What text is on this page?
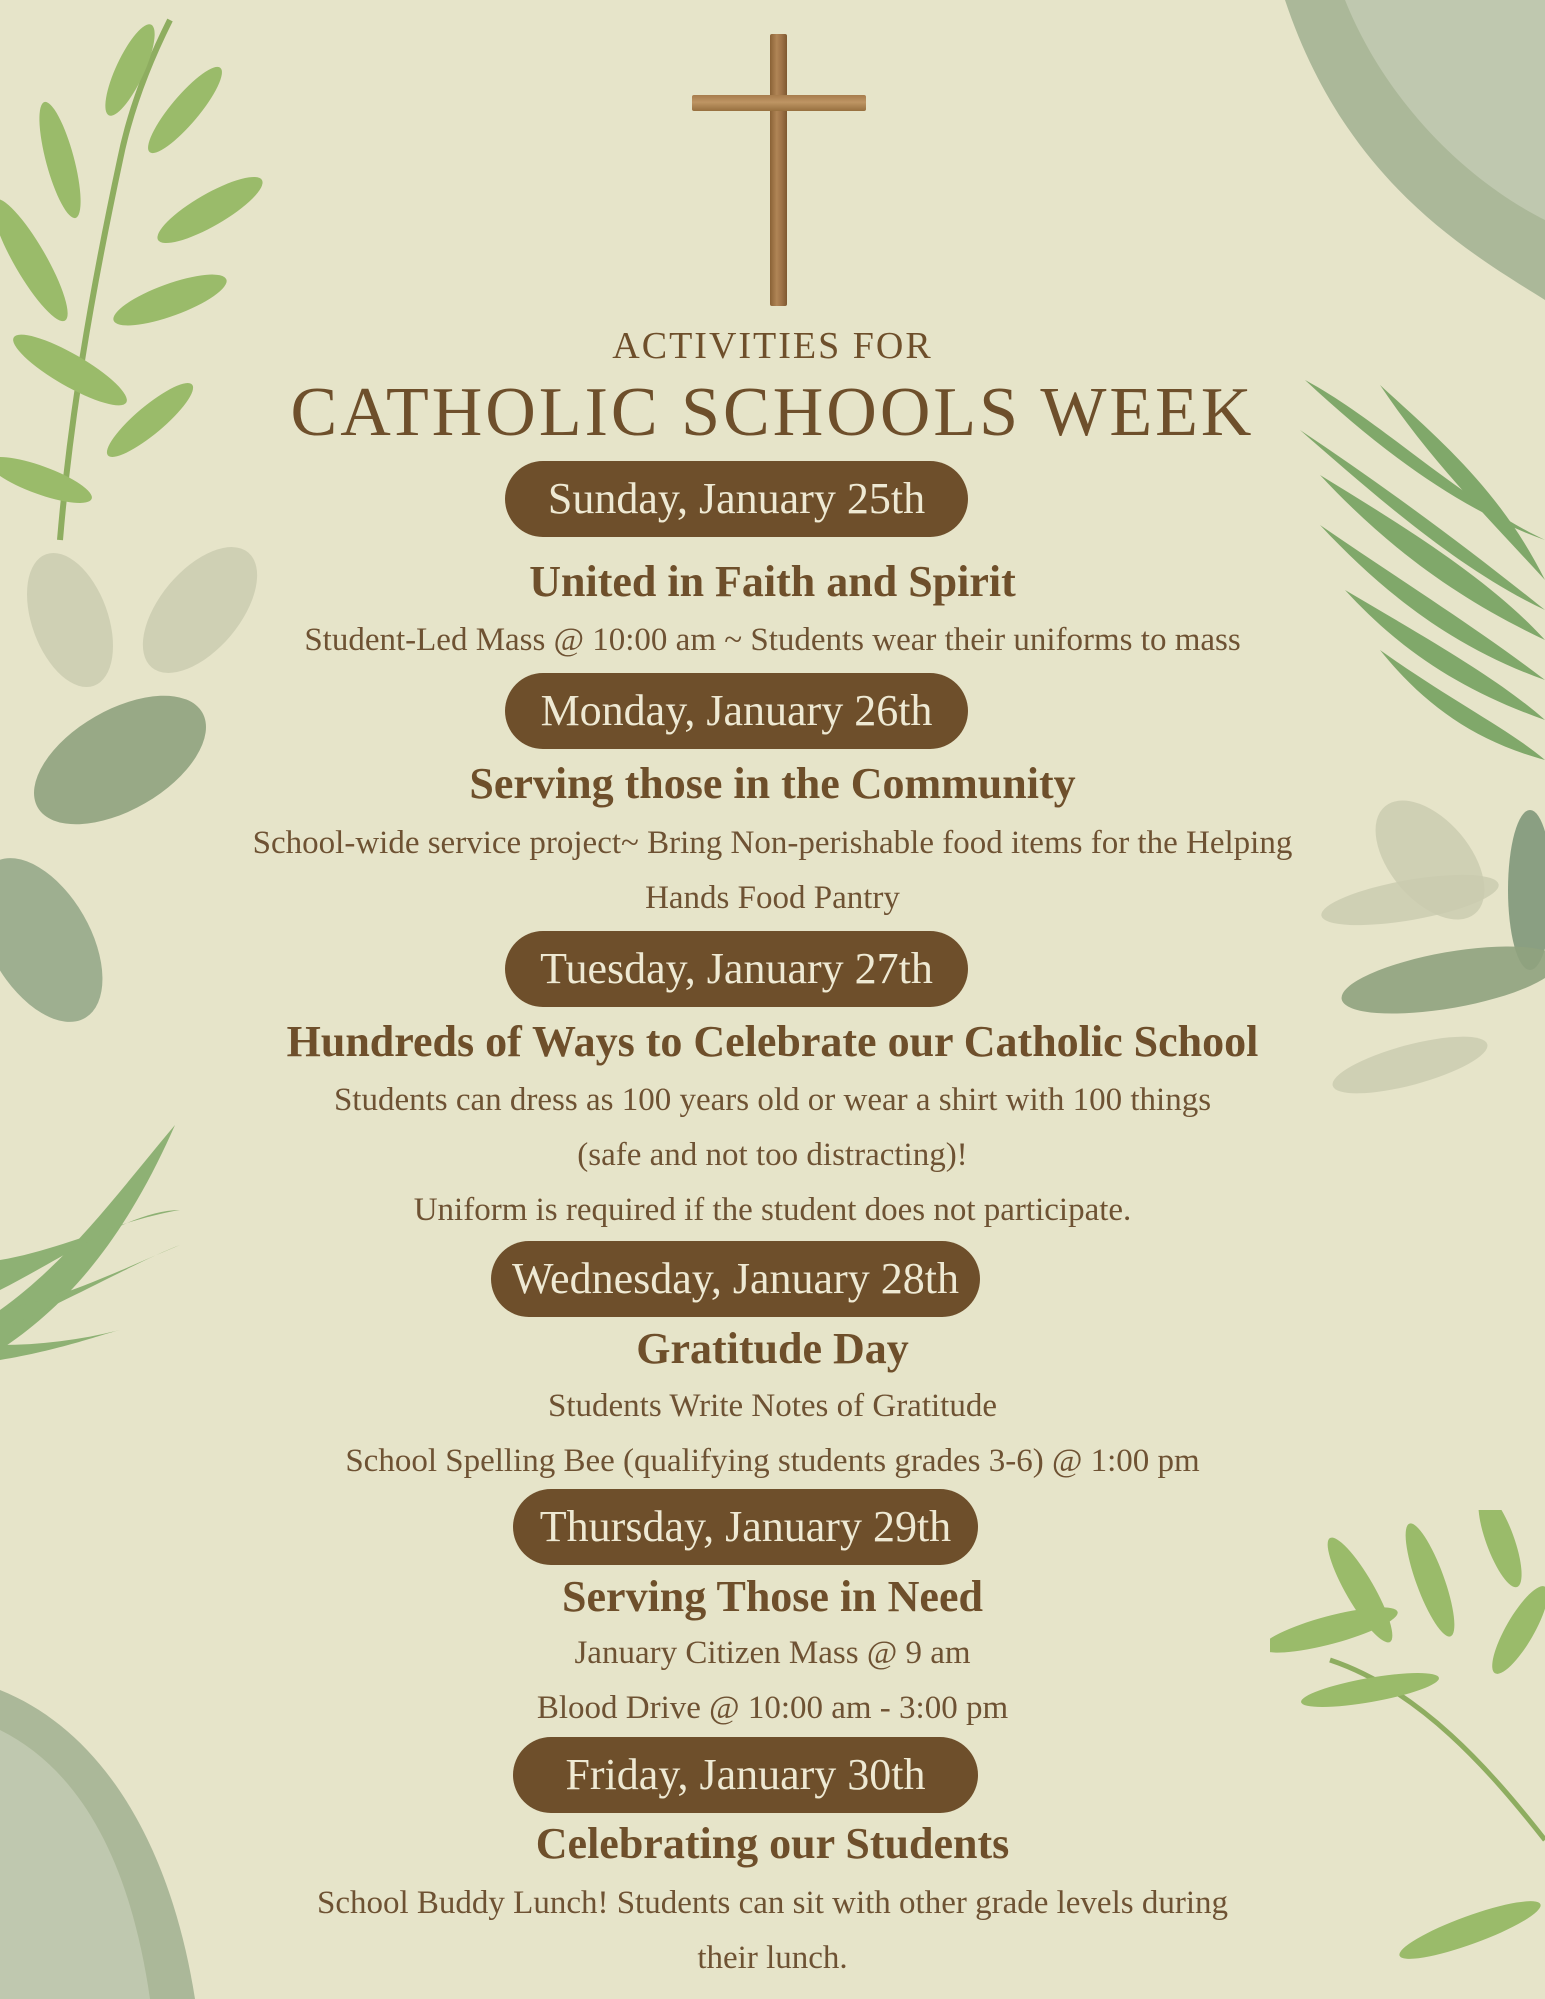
ACTIVITIES FOR
CATHOLIC SCHOOLS WEEK
Sunday, January 25th
United in Faith and Spirit
Student-Led Mass @ 10:00 am ~ Students wear their uniforms to mass
Monday, January 26th
Serving those in the Community
School-wide service project~ Bring Non-perishable food items for the Helping
Hands Food Pantry
Tuesday, January 27th
Hundreds of Ways to Celebrate our Catholic School
Students can dress as 100 years old or wear a shirt with 100 things
(safe and not too distracting)!
Uniform is required if the student does not participate.
Wednesday, January 28th
Gratitude Day
Students Write Notes of Gratitude
School Spelling Bee (qualifying students grades 3-6) @ 1:00 pm
Thursday, January 29th
Serving Those in Need
January Citizen Mass @ 9 am
Blood Drive @ 10:00 am - 3:00 pm
Friday, January 30th
Celebrating our Students
School Buddy Lunch! Students can sit with other grade levels during
their lunch.
